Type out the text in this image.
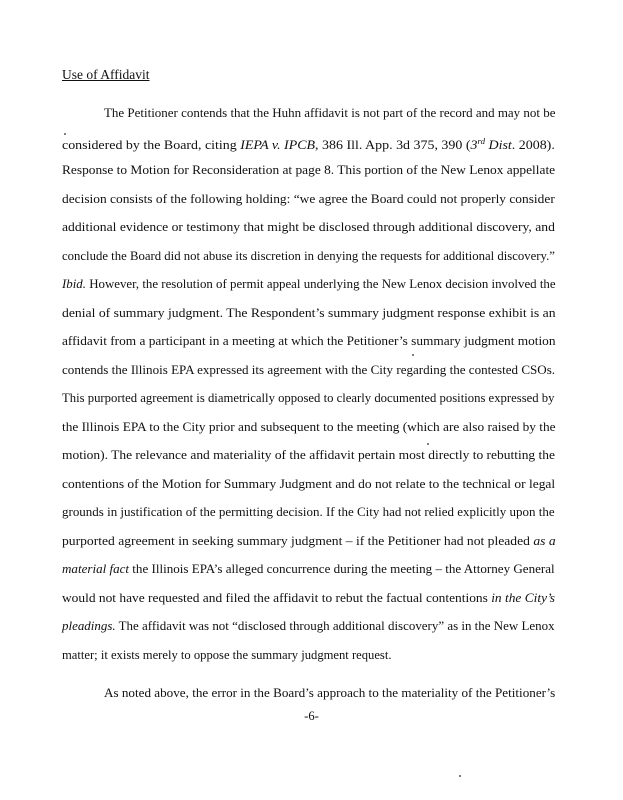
Use of Affidavit
The Petitioner contends that the Huhn affidavit is not part of the record and may not be
considered by the Board, citing IEPA v. IPCB, 386 Ill. App. 3d 375, 390 (3rd Dist. 2008).
Response to Motion for Reconsideration at page 8. This portion of the New Lenox appellate
decision consists of the following holding: “we agree the Board could not properly consider
additional evidence or testimony that might be disclosed through additional discovery, and
conclude the Board did not abuse its discretion in denying the requests for additional discovery.”
Ibid. However, the resolution of permit appeal underlying the New Lenox decision involved the
denial of summary judgment. The Respondent’s summary judgment response exhibit is an
affidavit from a participant in a meeting at which the Petitioner’s summary judgment motion
contends the Illinois EPA expressed its agreement with the City regarding the contested CSOs.
This purported agreement is diametrically opposed to clearly documented positions expressed by
the Illinois EPA to the City prior and subsequent to the meeting (which are also raised by the
motion). The relevance and materiality of the affidavit pertain most directly to rebutting the
contentions of the Motion for Summary Judgment and do not relate to the technical or legal
grounds in justification of the permitting decision. If the City had not relied explicitly upon the
purported agreement in seeking summary judgment – if the Petitioner had not pleaded as a
material fact the Illinois EPA’s alleged concurrence during the meeting – the Attorney General
would not have requested and filed the affidavit to rebut the factual contentions in the City’s
pleadings. The affidavit was not “disclosed through additional discovery” as in the New Lenox
matter; it exists merely to oppose the summary judgment request.
As noted above, the error in the Board’s approach to the materiality of the Petitioner’s
-6-
